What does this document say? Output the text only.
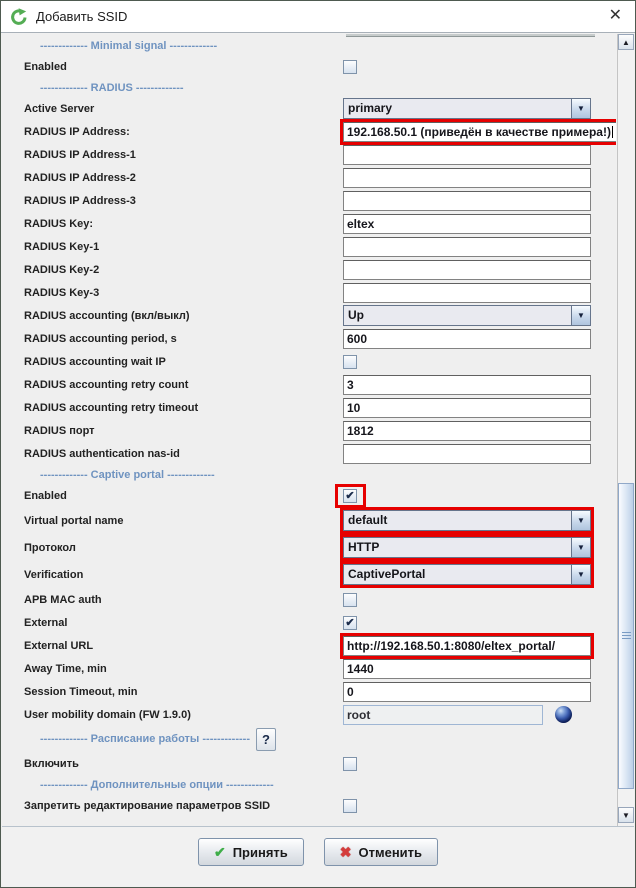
Добавить SSID	✕
------------- Minimal signal -------------
Enabled
------------- RADIUS -------------
Active Server	primary	▼
RADIUS IP Address:	192.168.50.1 (приведён в качестве примера!)
RADIUS IP Address-1
RADIUS IP Address-2
RADIUS IP Address-3
RADIUS Key:	eltex
RADIUS Key-1
RADIUS Key-2
RADIUS Key-3
RADIUS accounting (вкл/выкл)	Up	▼
RADIUS accounting period, s	600
RADIUS accounting wait IP
RADIUS accounting retry count	3
RADIUS accounting retry timeout	10
RADIUS порт	1812
RADIUS authentication nas-id
------------- Captive portal -------------
Enabled	✔
Virtual portal name	default	▼
Протокол	HTTP	▼
Verification	CaptivePortal	▼
APB MAC auth
External	✔
External URL	http://192.168.50.1:8080/eltex_portal/
Away Time, min	1440
Session Timeout, min	0
User mobility domain (FW 1.9.0)	root
------------- Расписание работы ------------- ?
Включить
------------- Дополнительные опции -------------
Запретить редактирование параметров SSID
▲
▼
✔ Принять	✖ Отменить
